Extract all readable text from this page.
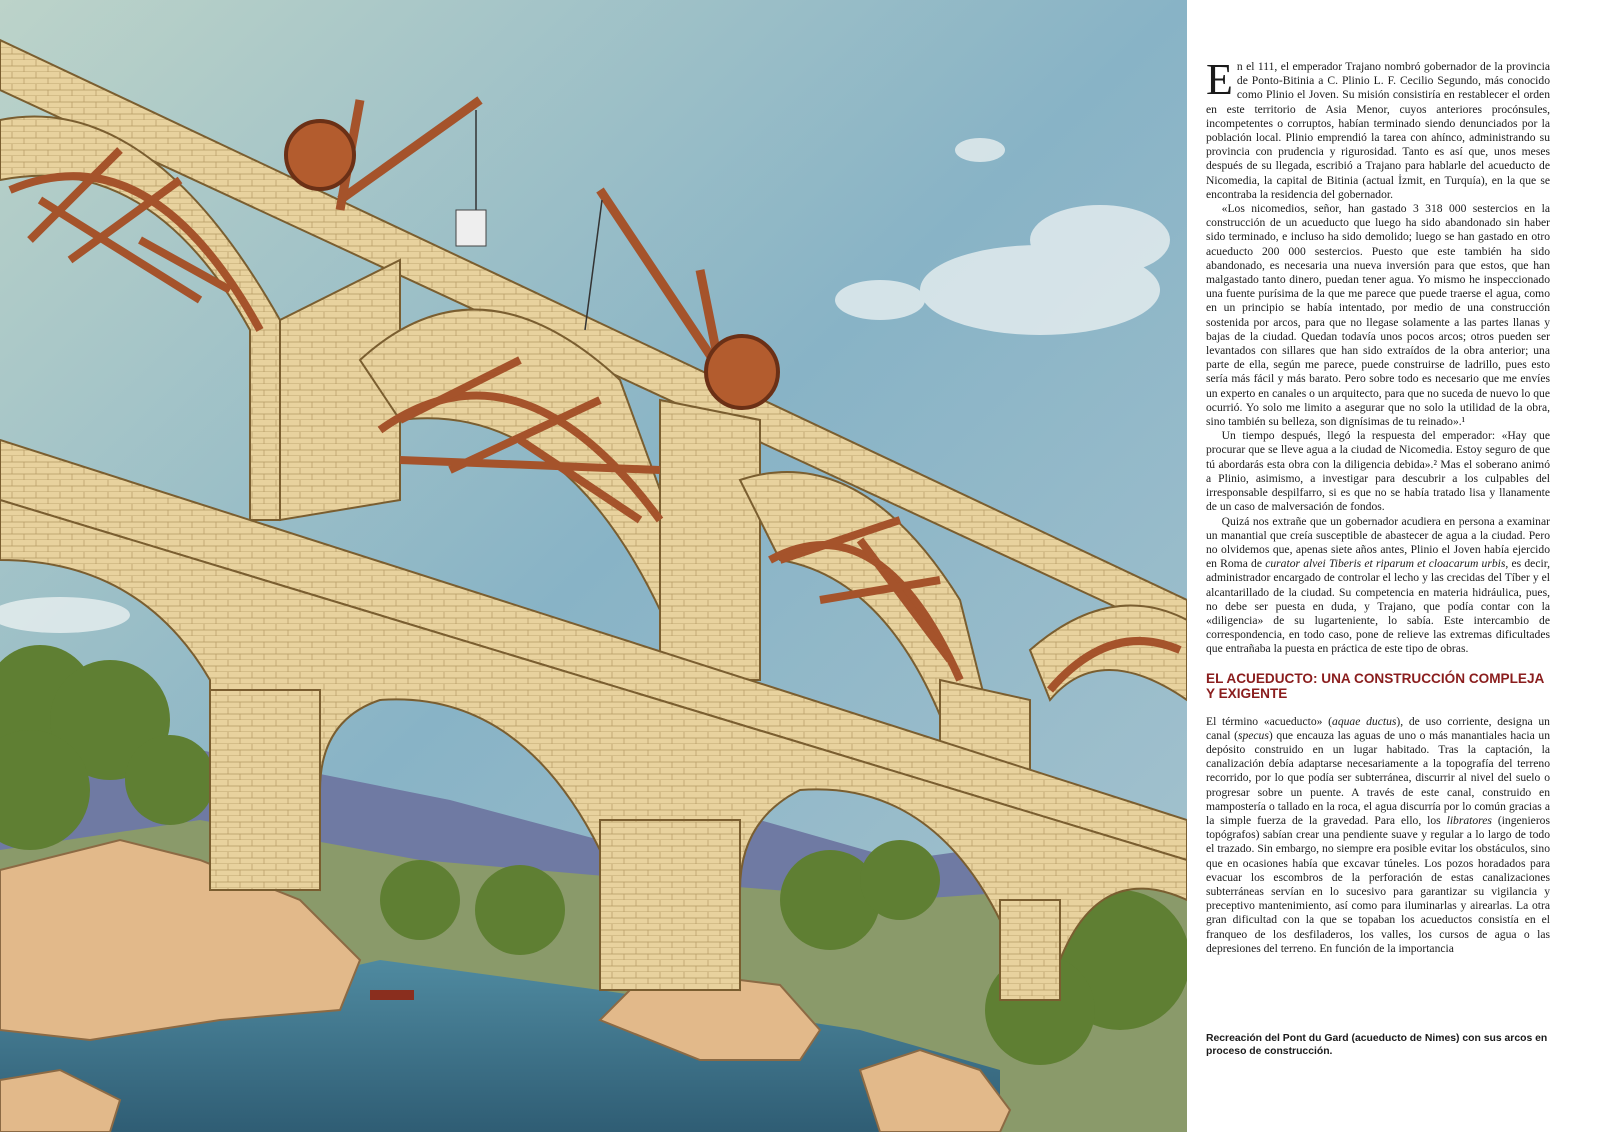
En el 111, el emperador Trajano nombró gobernador de la provincia de Ponto-Bitinia a C. Plinio L. F. Cecilio Segundo, más conocido como Plinio el Joven. Su misión consistiría en restablecer el orden en este territorio de Asia Menor, cuyos anteriores procónsules, incompetentes o corruptos, habían terminado siendo denunciados por la población local. Plinio emprendió la tarea con ahínco, administrando su provincia con prudencia y rigurosidad. Tanto es así que, unos meses después de su llegada, escribió a Trajano para hablarle del acueducto de Nicomedia, la capital de Bitinia (actual İzmit, en Turquía), en la que se encontraba la residencia del gobernador.

«Los nicomedios, señor, han gastado 3 318 000 sestercios en la construcción de un acueducto que luego ha sido abandonado sin haber sido terminado, e incluso ha sido demolido; luego se han gastado en otro acueducto 200 000 sestercios. Puesto que este también ha sido abandonado, es necesaria una nueva inversión para que estos, que han malgastado tanto dinero, puedan tener agua. Yo mismo he inspeccionado una fuente purísima de la que me parece que puede traerse el agua, como en un principio se había intentado, por medio de una construcción sostenida por arcos, para que no llegase solamente a las partes llanas y bajas de la ciudad. Quedan todavía unos pocos arcos; otros pueden ser levantados con sillares que han sido extraídos de la obra anterior; una parte de ella, según me parece, puede construirse de ladrillo, pues esto sería más fácil y más barato. Pero sobre todo es necesario que me envíes un experto en canales o un arquitecto, para que no suceda de nuevo lo que ocurrió. Yo solo me limito a asegurar que no solo la utilidad de la obra, sino también su belleza, son dignísimas de tu reinado».¹

Un tiempo después, llegó la respuesta del emperador: «Hay que procurar que se lleve agua a la ciudad de Nicomedia. Estoy seguro de que tú abordarás esta obra con la diligencia debida».² Mas el soberano animó a Plinio, asimismo, a investigar para descubrir a los culpables del irresponsable despilfarro, si es que no se había tratado lisa y llanamente de un caso de malversación de fondos.

Quizá nos extrañe que un gobernador acudiera en persona a examinar un manantial que creía susceptible de abastecer de agua a la ciudad. Pero no olvidemos que, apenas siete años antes, Plinio el Joven había ejercido en Roma de curator alvei Tiberis et riparum et cloacarum urbis, es decir, administrador encargado de controlar el lecho y las crecidas del Tíber y el alcantarillado de la ciudad. Su competencia en materia hidráulica, pues, no debe ser puesta en duda, y Trajano, que podía contar con la «diligencia» de su lugarteniente, lo sabía. Este intercambio de correspondencia, en todo caso, pone de relieve las extremas dificultades que entrañaba la puesta en práctica de este tipo de obras.

EL ACUEDUCTO: UNA CONSTRUCCIÓN COMPLEJA Y EXIGENTE

El término «acueducto» (aquae ductus), de uso corriente, designa un canal (specus) que encauza las aguas de uno o más manantiales hacia un depósito construido en un lugar habitado. Tras la captación, la canalización debía adaptarse necesariamente a la topografía del terreno recorrido, por lo que podía ser subterránea, discurrir al nivel del suelo o progresar sobre un puente. A través de este canal, construido en mampostería o tallado en la roca, el agua discurría por lo común gracias a la simple fuerza de la gravedad. Para ello, los libratores (ingenieros topógrafos) sabían crear una pendiente suave y regular a lo largo de todo el trazado. Sin embargo, no siempre era posible evitar los obstáculos, sino que en ocasiones había que excavar túneles. Los pozos horadados para evacuar los escombros de la perforación de estas canalizaciones subterráneas servían en lo sucesivo para garantizar su vigilancia y preceptivo mantenimiento, así como para iluminarlas y airearlas. La otra gran dificultad con la que se topaban los acueductos consistía en el franqueo de los desfiladeros, los valles, los cursos de agua o las depresiones del terreno. En función de la importancia

Recreación del Pont du Gard (acueducto de Nimes) con sus arcos en proceso de construcción.
